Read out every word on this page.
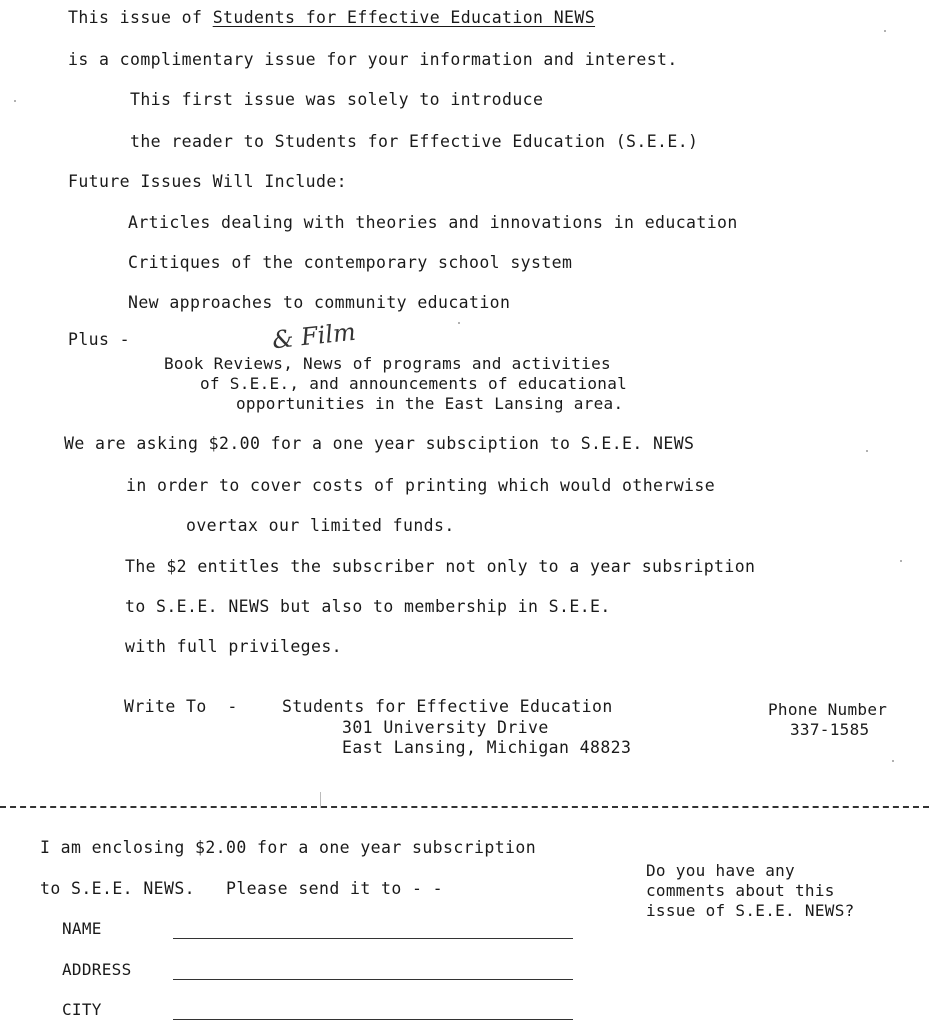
This issue of Students for Effective Education NEWS
is a complimentary issue for your information and interest.
This first issue was solely to introduce
the reader to Students for Effective Education (S.E.E.)
Future Issues Will Include:
Articles dealing with theories and innovations in education
Critiques of the contemporary school system
New approaches to community education
Plus -	& Film
Book Reviews, News of programs and activities
of S.E.E., and announcements of educational
opportunities in the East Lansing area.
We are asking $2.00 for a one year subsciption to S.E.E. NEWS
in order to cover costs of printing which would otherwise
overtax our limited funds.
The $2 entitles the subscriber not only to a year subsription
to S.E.E. NEWS but also to membership in S.E.E.
with full privileges.
Write To  -	Students for Effective Education
301 University Drive
East Lansing, Michigan 48823
Phone Number
337-1585
I am enclosing $2.00 for a one year subscription
to S.E.E. NEWS.   Please send it to - -
NAME
ADDRESS
CITY
Do you have any
comments about this
issue of S.E.E. NEWS?
